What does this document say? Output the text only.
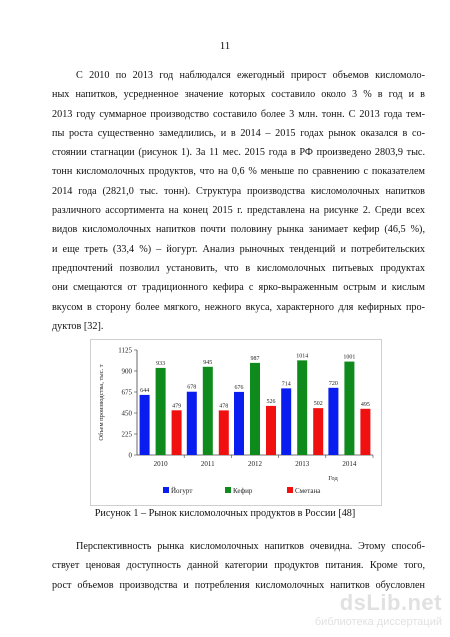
11
С 2010 по 2013 год наблюдался ежегодный прирост объемов кисломоло-
ных напитков, усредненное значение которых составило около 3 % в год и в
2013 году суммарное производство составило более 3 млн. тонн. С 2013 года тем-
пы роста существенно замедлились, и в 2014 – 2015 годах рынок оказался в со-
стоянии стагнации (рисунок 1). За 11 мес. 2015 года в РФ произведено 2803,9 тыс.
тонн кисломолочных продуктов, что на 0,6 % меньше по сравнению с показателем
2014 года (2821,0 тыс. тонн). Структура производства кисломолочных напитков
различного ассортимента на конец 2015 г. представлена на рисунке 2. Среди всех
видов кисломолочных напитков почти половину рынка занимает кефир (46,5 %),
и еще треть (33,4 %) – йогурт. Анализ рыночных тенденций и потребительских
предпочтений позволил установить, что в кисломолочных питьевых продуктах
они смещаются от традиционного кефира с ярко-выраженным острым и кислым
вкусом в сторону более мягкого, нежного вкуса, характерного для кефирных про-
дуктов [32].
0
225
450
675
900
1125
Объем производства, тыс. т	644
933
479
2010
678
945
478
2011
676
987
526
2012
714
1014
502
2013
720
1001
495
2014
Год
Йогурт	Кефир	Сметана
Рисунок 1 – Рынок кисломолочных продуктов в России [48]
Перспективность рынка кисломолочных напитков очевидна. Этому способ-
ствует ценовая доступность данной категории продуктов питания. Кроме того,
рост объемов производства и потребления кисломолочных напитков обусловлен
dsLib.net
библиотека диссертаций
